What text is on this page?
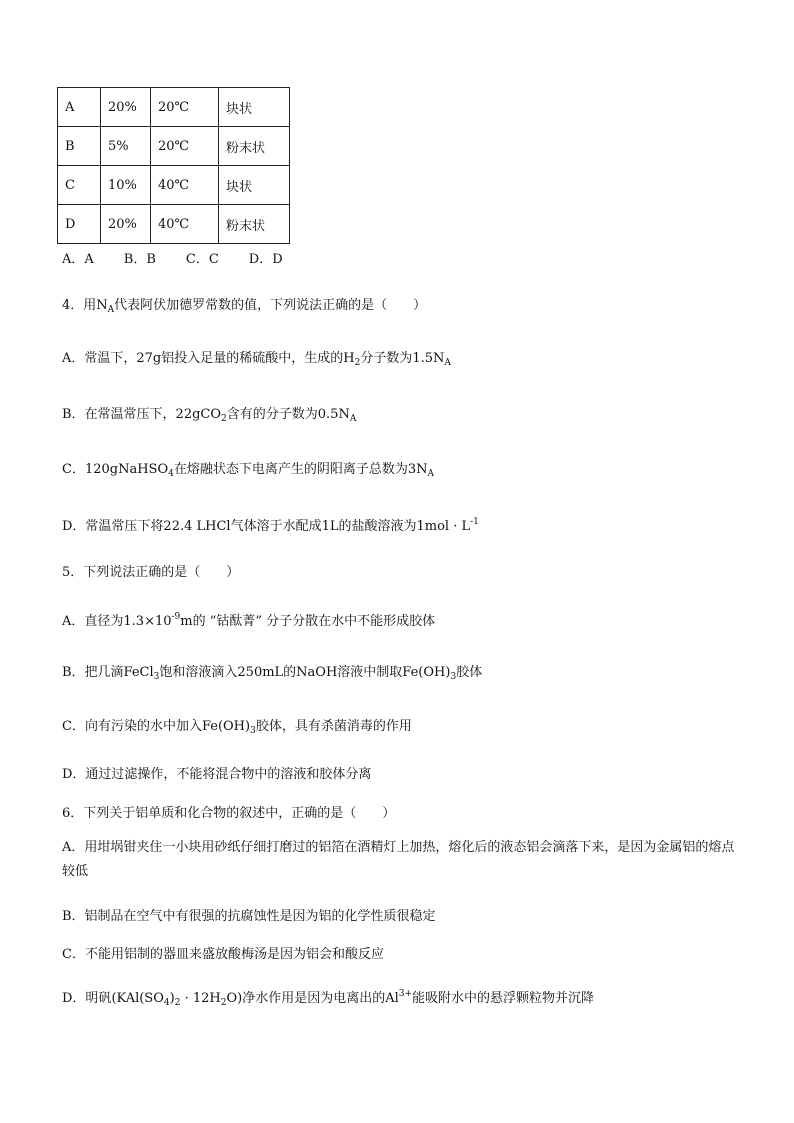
A	20%	20℃	块状
B	5%	20℃	粉末状
C	10%	40℃	块状
D	20%	40℃	粉末状
A．A B．B C．C D．D
4．用$N_A$代表阿伏加德罗常数的值，下列说法正确的是（　　）
A．常温下，27g铝投入足量的稀硫酸中，生成的$H_2$分子数为$1.5N_A$
B．在常温常压下，22gCO$_2$含有的分子数为$0.5N_A$
C．120gNaHSO$_4$在熔融状态下电离产生的阴阳离子总数为$3N_A$
D．常温常压下将22.4 LHCl气体溶于水配成1L的盐酸溶液为$1mol \cdot L^{-1}$
5．下列说法正确的是（　　）
A．直径为$1.3\times 10^{-9}m$的 “钴酞菁” 分子分散在水中不能形成胶体
B．把几滴FeCl$_3$饱和溶液滴入250mL的NaOH溶液中制取$Fe(OH)_3$胶体
C．向有污染的水中加入$Fe(OH)_3$胶体，具有杀菌消毒的作用
D．通过过滤操作，不能将混合物中的溶液和胶体分离
6．下列关于铝单质和化合物的叙述中，正确的是（　　）
A．用坩埚钳夹住一小块用砂纸仔细打磨过的铝箔在酒精灯上加热，熔化后的液态铝会滴落下来，是因为金属铝的熔点较低
B．铝制品在空气中有很强的抗腐蚀性是因为铝的化学性质很稳定
C．不能用铝制的器皿来盛放酸梅汤是因为铝会和酸反应
D．明矾$(KAl(SO_4)_2 \cdot 12H_2O)$净水作用是因为电离出的$Al^{3+}$能吸附水中的悬浮颗粒物并沉降
